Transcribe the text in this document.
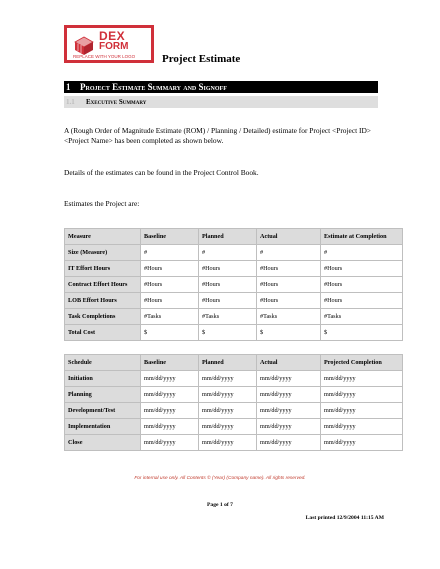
DEX
FORM
REPLACE WITH YOUR LOGO Project Estimate
1 Project Estimate Summary and Signoff
1.1 Executive Summary
A (Rough Order of Magnitude Estimate (ROM) / Planning / Detailed) estimate for Project <Project ID> <Project Name> has been completed as shown below.
Details of the estimates can be found in the Project Control Book.
Estimates the Project are:
Measure	Baseline	Planned	Actual	Estimate at Completion
Size (Measure)	#	#	#	#
IT Effort Hours	#Hours	#Hours	#Hours	#Hours
Contract Effort Hours	#Hours	#Hours	#Hours	#Hours
LOB Effort Hours	#Hours	#Hours	#Hours	#Hours
Task Completions	#Tasks	#Tasks	#Tasks	#Tasks
Total Cost	$	$	$	$
Schedule	Baseline	Planned	Actual	Projected Completion
Initiation	mm/dd/yyyy	mm/dd/yyyy	mm/dd/yyyy	mm/dd/yyyy
Planning	mm/dd/yyyy	mm/dd/yyyy	mm/dd/yyyy	mm/dd/yyyy
Development/Test	mm/dd/yyyy	mm/dd/yyyy	mm/dd/yyyy	mm/dd/yyyy
Implementation	mm/dd/yyyy	mm/dd/yyyy	mm/dd/yyyy	mm/dd/yyyy
Close	mm/dd/yyyy	mm/dd/yyyy	mm/dd/yyyy	mm/dd/yyyy
For internal use only. All Contents © (Year) (Company name). All rights reserved.
Page 1 of 7
Last printed 12/9/2004 11:15 AM
